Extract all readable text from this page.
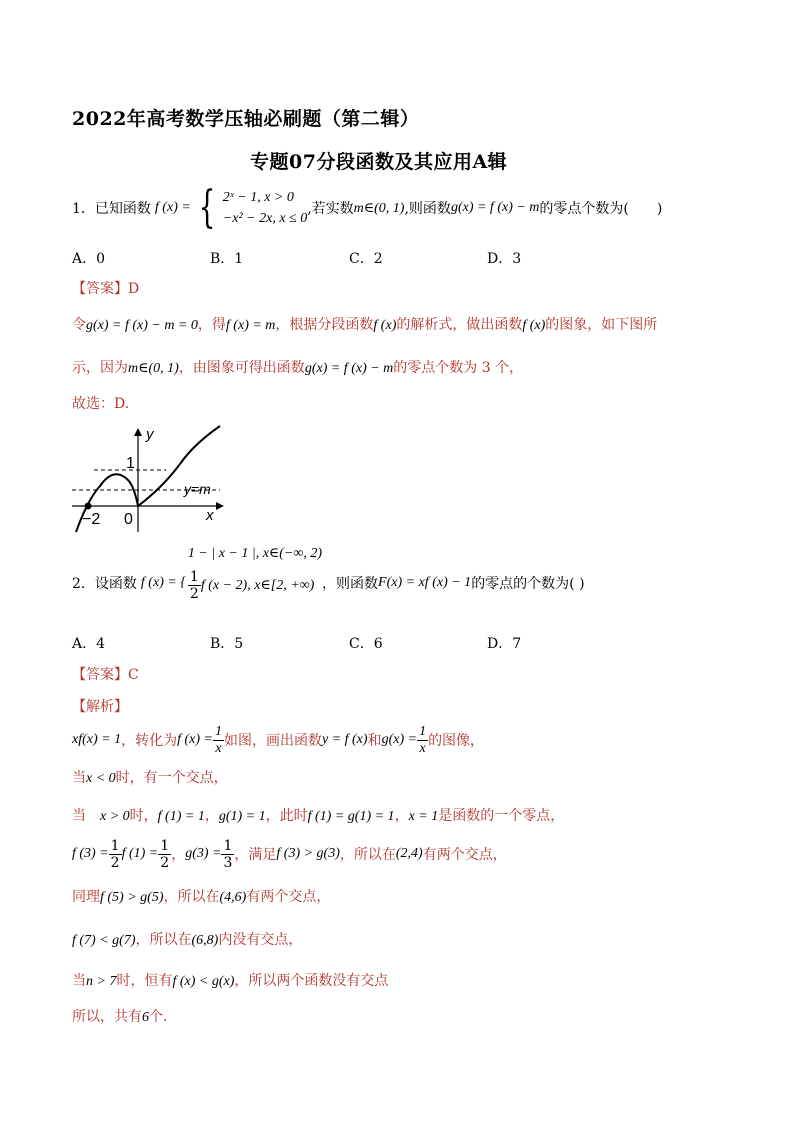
2022年高考数学压轴必刷题（第二辑）
专题07分段函数及其应用A辑
1．已知函数 f (x) = { 2ˣ − 1, x > 0
−x² − 2x, x ≤ 0
,若实数 m∈(0, 1) ,则函数 g(x) = f (x) − m 的零点个数为(　　)
A．0	B．1	C．2	D．3
【答案】D
令g(x) = f (x) − m = 0，得f (x) = m，根据分段函数f (x)的解析式，做出函数f (x)的图象，如下图所
示，因为m∈(0, 1)，由图象可得出函数g(x) = f (x) − m的零点个数为 3 个，
故选：D.
y
x
1
−2 0
y=m
2．设函数 f (x) = {
1 − | x − 1 |, x∈(−∞, 2)
$\frac{1}{2}$ f (x − 2), x∈[2, +∞) ，则函数 F(x) = xf (x) − 1 的零点的个数为( )
A．4	B．5	C．6	D．7
【答案】C
【解析】
xf(x) = 1 ，转化为 f $(x) = \frac{1}{x}$ 如图，画出函数 y = f (x) 和 $g(x) = \frac{1}{x}$ 的图像，
当x < 0时，有一个交点，
当　x > 0时，f (1) = 1，g(1) = 1，此时f (1) = g(1) = 1，x = 1是函数的一个零点，
f $(3) = \frac{1}{2}$ f $(1) = \frac{1}{2}$ ， $g(3) = \frac{1}{3}$ ，满足 f (3) > g(3) ，所以在 (2,4) 有两个交点，
同理f (5) > g(5)，所以在(4,6)有两个交点，
f (7) < g(7)，所以在(6,8)内没有交点，
当n > 7时，恒有f (x) < g(x)，所以两个函数没有交点
所以，共有6个.
